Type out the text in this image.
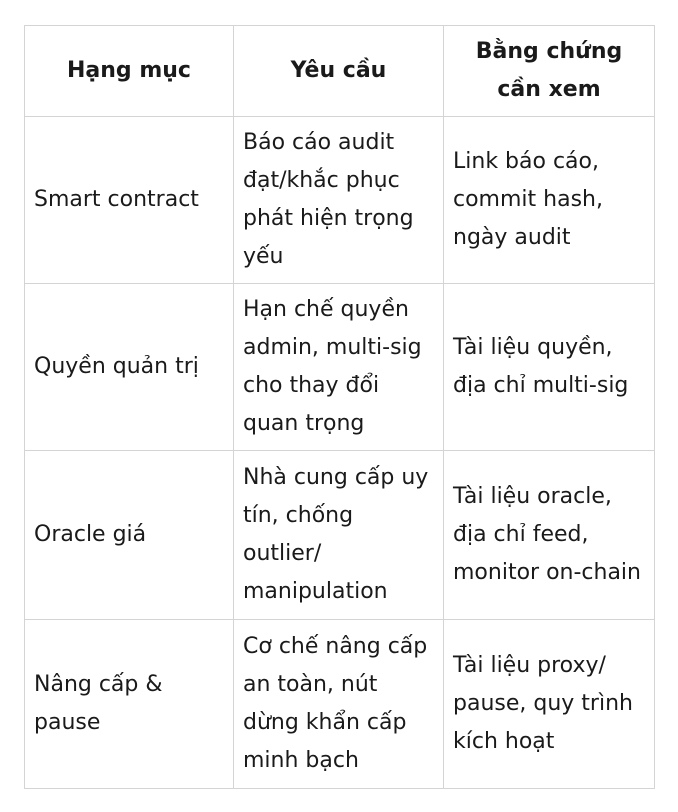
Hạng mục	Yêu cầu	Bằng chứng cần xem
Smart contract	Báo cáo audit đạt/khắc phục phát hiện trọng yếu	Link báo cáo, commit hash, ngày audit
Quyền quản trị	Hạn chế quyền admin, multi-sig cho thay đổi quan trọng	Tài liệu quyền, địa chỉ multi-sig
Oracle giá	Nhà cung cấp uy tín, chống outlier/ manipulation	Tài liệu oracle, địa chỉ feed, monitor on-chain
Nâng cấp & pause	Cơ chế nâng cấp an toàn, nút dừng khẩn cấp minh bạch	Tài liệu proxy/ pause, quy trình kích hoạt
